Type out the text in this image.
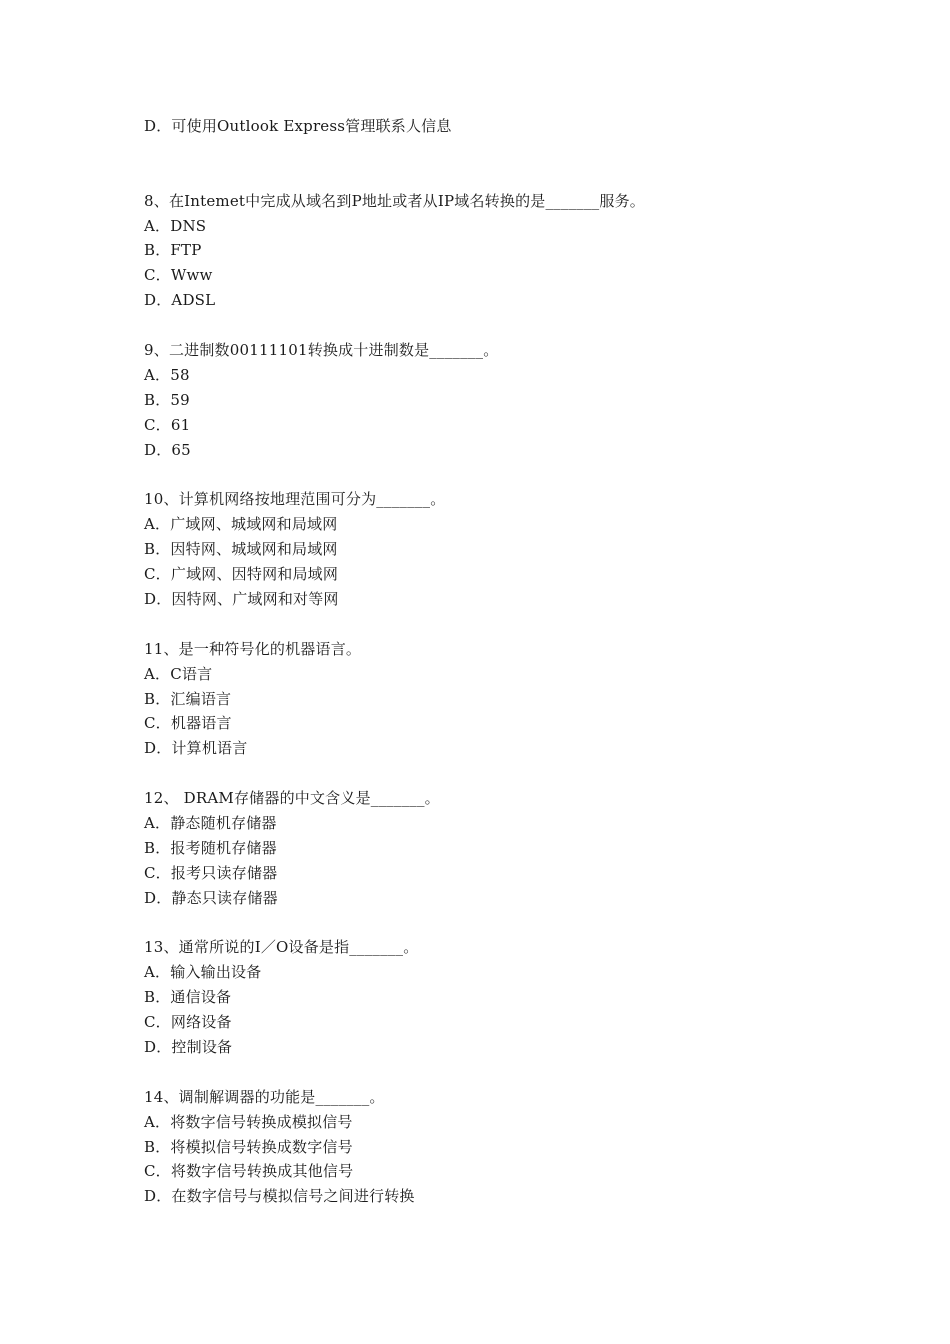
D．可使用Outlook Express管理联系人信息
8、在Intemet中完成从域名到P地址或者从IP域名转换的是_______服务。
A．DNS
B．FTP
C．Www
D．ADSL
9、二进制数00111101转换成十进制数是_______。
A．58
B．59
C．61
D．65
10、计算机网络按地理范围可分为_______。
A．广域网、城域网和局域网
B．因特网、城域网和局域网
C．广域网、因特网和局域网
D．因特网、广域网和对等网
11、是一种符号化的机器语言。
A．C语言
B．汇编语言
C．机器语言
D．计算机语言
12、 DRAM存储器的中文含义是_______。
A．静态随机存储器
B．报考随机存储器
C．报考只读存储器
D．静态只读存储器
13、通常所说的I／O设备是指_______。
A．输入输出设备
B．通信设备
C．网络设备
D．控制设备
14、调制解调器的功能是_______。
A．将数字信号转换成模拟信号
B．将模拟信号转换成数字信号
C．将数字信号转换成其他信号
D．在数字信号与模拟信号之间进行转换
